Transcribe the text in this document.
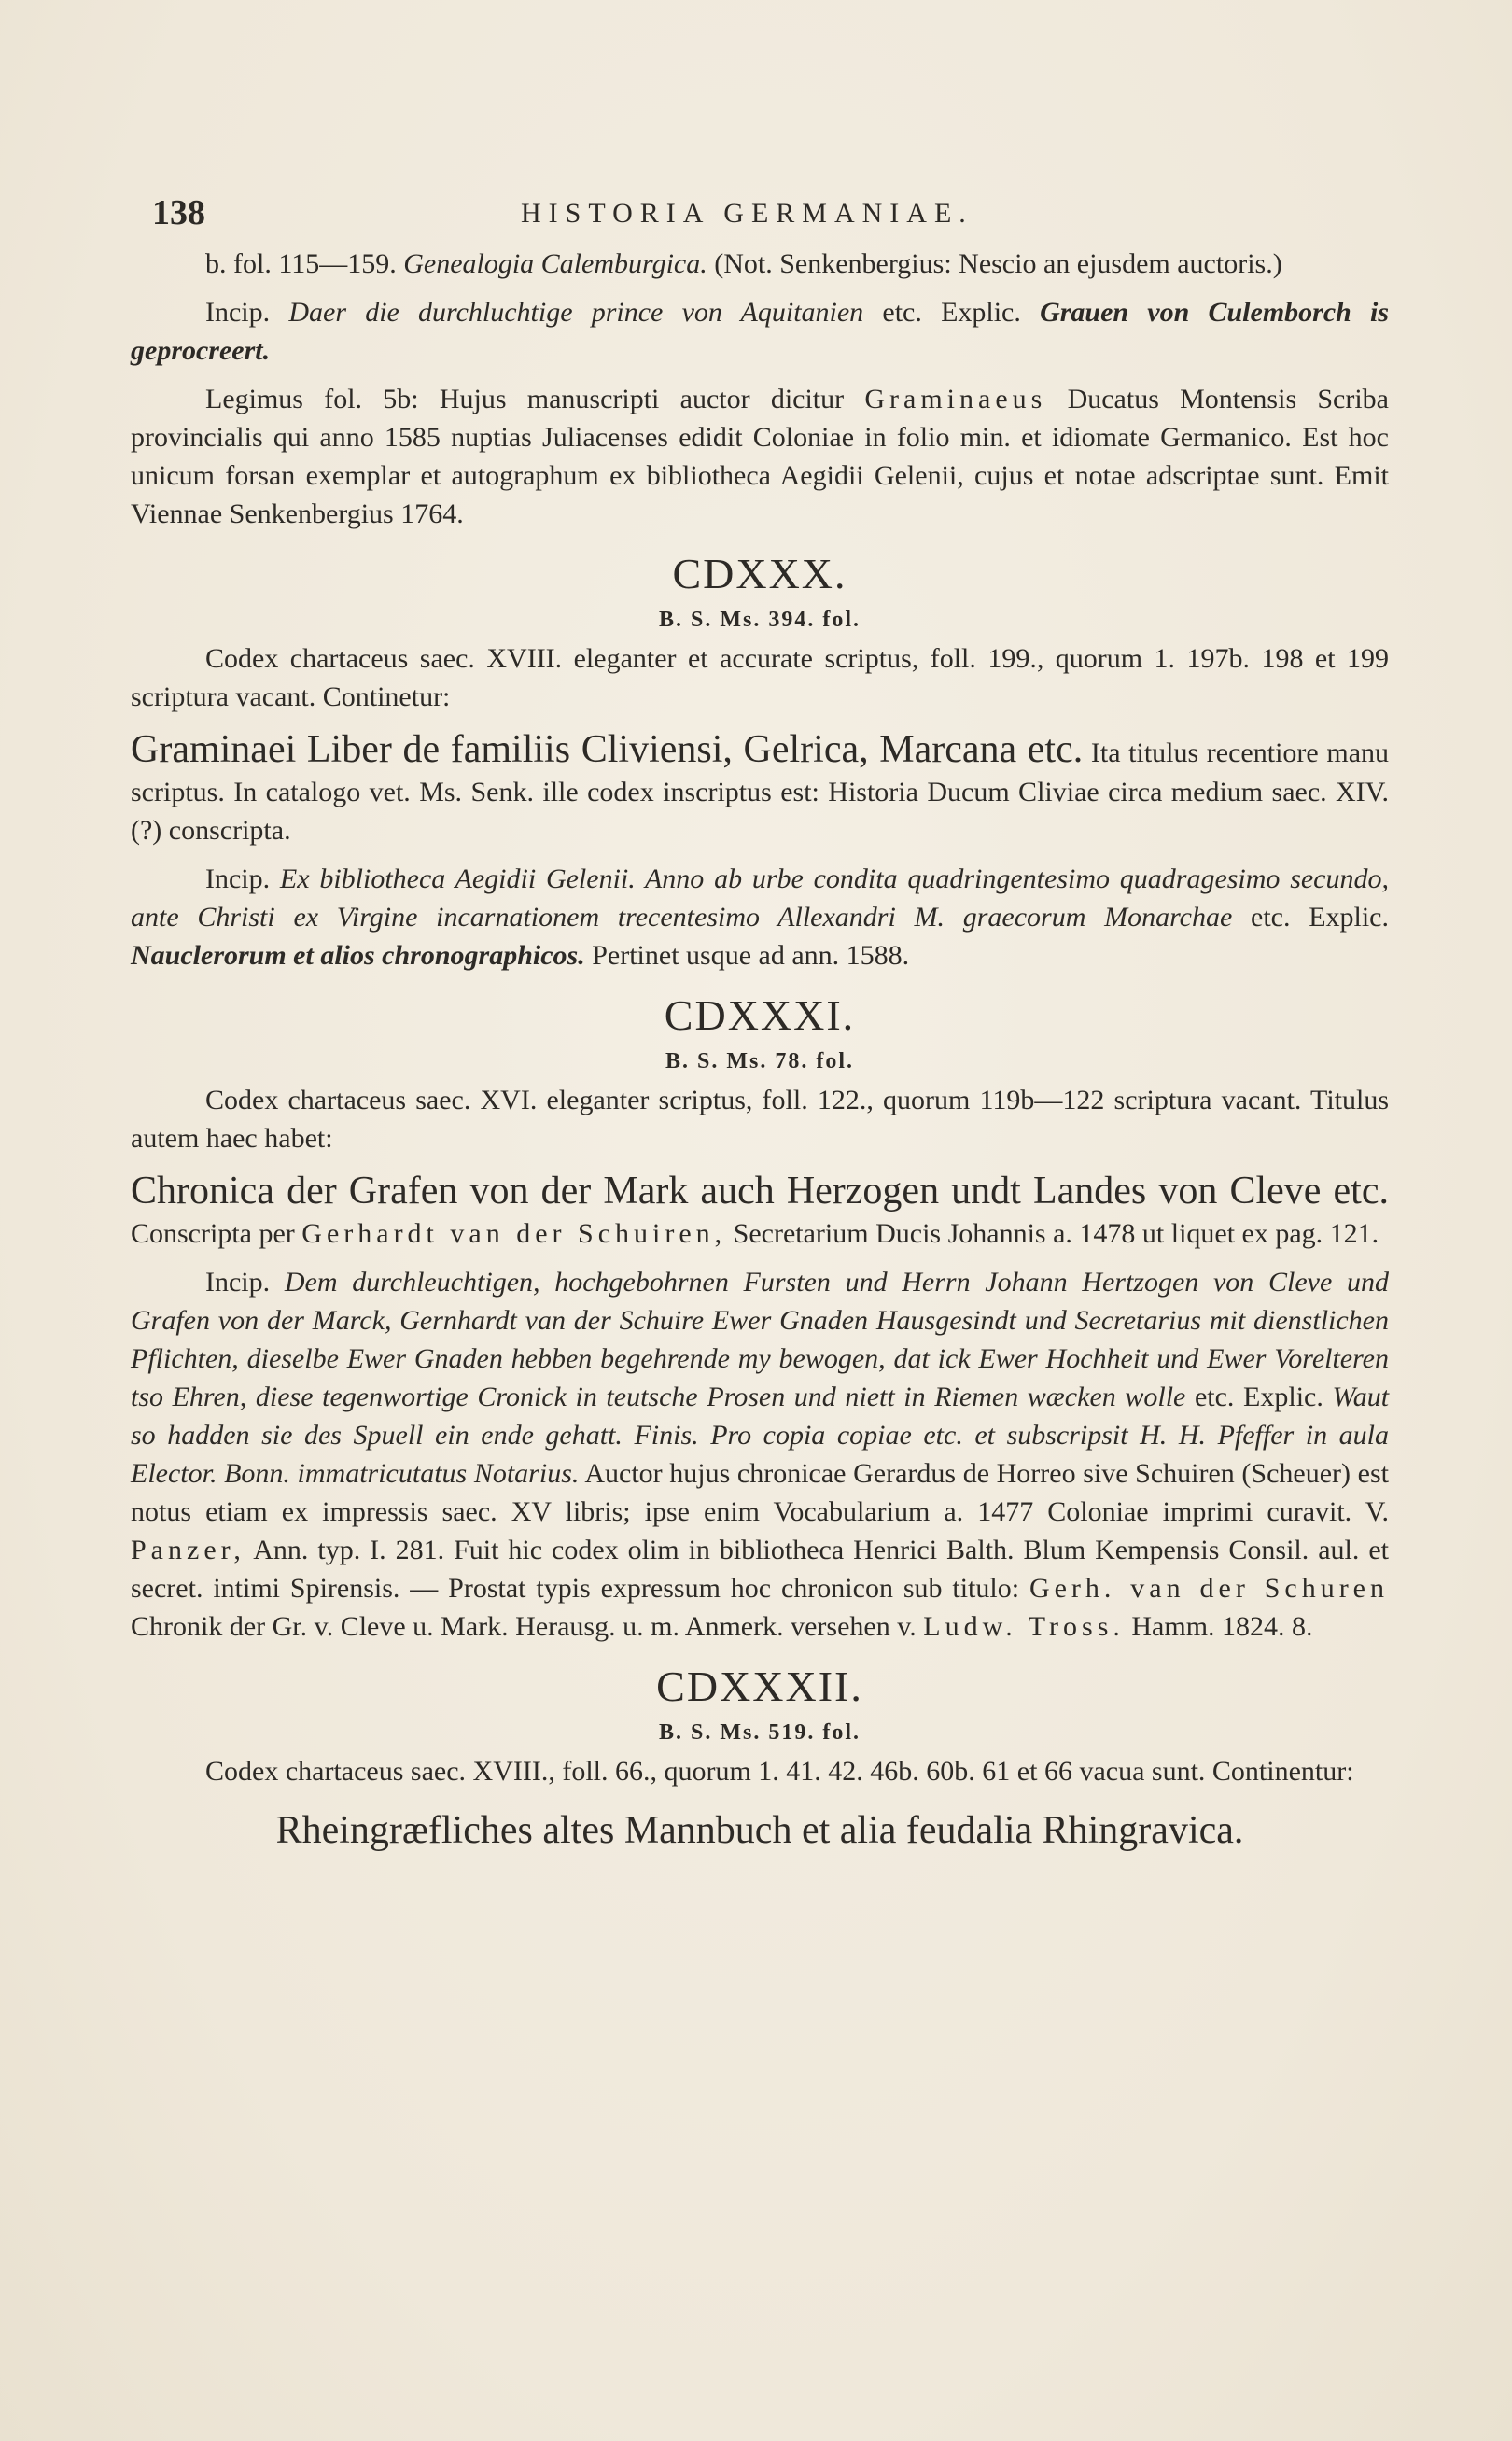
138	HISTORIA GERMANIAE.

b. fol. 115—159. Genealogia Calemburgica. (Not. Senkenbergius: Nescio an ejusdem auctoris.)

Incip. Daer die durchluchtige prince von Aquitanien etc. Explic. Grauen von Culemborch is geprocreert.

Legimus fol. 5b: Hujus manuscripti auctor dicitur Graminaeus Ducatus Montensis Scriba provincialis qui anno 1585 nuptias Juliacenses edidit Coloniae in folio min. et idiomate Germanico. Est hoc unicum forsan exemplar et autographum ex bibliotheca Aegidii Gelenii, cujus et notae adscriptae sunt. Emit Viennae Senkenbergius 1764.

CDXXX.
B. S. Ms. 394. fol.

Codex chartaceus saec. XVIII. eleganter et accurate scriptus, foll. 199., quorum 1. 197b. 198 et 199 scriptura vacant. Continetur:

Graminaei Liber de familiis Cliviensi, Gelrica, Marcana etc. Ita titulus recentiore manu scriptus. In catalogo vet. Ms. Senk. ille codex inscriptus est: Historia Ducum Cliviae circa medium saec. XIV. (?) conscripta.

Incip. Ex bibliotheca Aegidii Gelenii. Anno ab urbe condita quadringentesimo quadragesimo secundo, ante Christi ex Virgine incarnationem trecentesimo Allexandri M. graecorum Monarchae etc. Explic. Nauclerorum et alios chronographicos. Pertinet usque ad ann. 1588.

CDXXXI.
B. S. Ms. 78. fol.

Codex chartaceus saec. XVI. eleganter scriptus, foll. 122., quorum 119b—122 scriptura vacant. Titulus autem haec habet:

Chronica der Grafen von der Mark auch Herzogen undt Landes von Cleve etc. Conscripta per Gerhardt van der Schuiren, Secretarium Ducis Johannis a. 1478 ut liquet ex pag. 121.

Incip. Dem durchleuchtigen, hochgebohrnen Fursten und Herrn Johann Hertzogen von Cleve und Grafen von der Marck, Gernhardt van der Schuire Ewer Gnaden Hausgesindt und Secretarius mit dienstlichen Pflichten, dieselbe Ewer Gnaden hebben begehrende my bewogen, dat ick Ewer Hochheit und Ewer Vorelteren tso Ehren, diese tegenwortige Cronick in teutsche Prosen und niett in Riemen wæcken wolle etc. Explic. Waut so hadden sie des Spuell ein ende gehatt. Finis. Pro copia copiae etc. et subscripsit H. H. Pfeffer in aula Elector. Bonn. immatricutatus Notarius. Auctor hujus chronicae Gerardus de Horreo sive Schuiren (Scheuer) est notus etiam ex impressis saec. XV libris; ipse enim Vocabularium a. 1477 Coloniae imprimi curavit. V. Panzer, Ann. typ. I. 281. Fuit hic codex olim in bibliotheca Henrici Balth. Blum Kempensis Consil. aul. et secret. intimi Spirensis. — Prostat typis expressum hoc chronicon sub titulo: Gerh. van der Schuren Chronik der Gr. v. Cleve u. Mark. Herausg. u. m. Anmerk. versehen v. Ludw. Tross. Hamm. 1824. 8.

CDXXXII.
B. S. Ms. 519. fol.

Codex chartaceus saec. XVIII., foll. 66., quorum 1. 41. 42. 46b. 60b. 61 et 66 vacua sunt. Continentur:

Rheingræfliches altes Mannbuch et alia feudalia Rhingravica.
